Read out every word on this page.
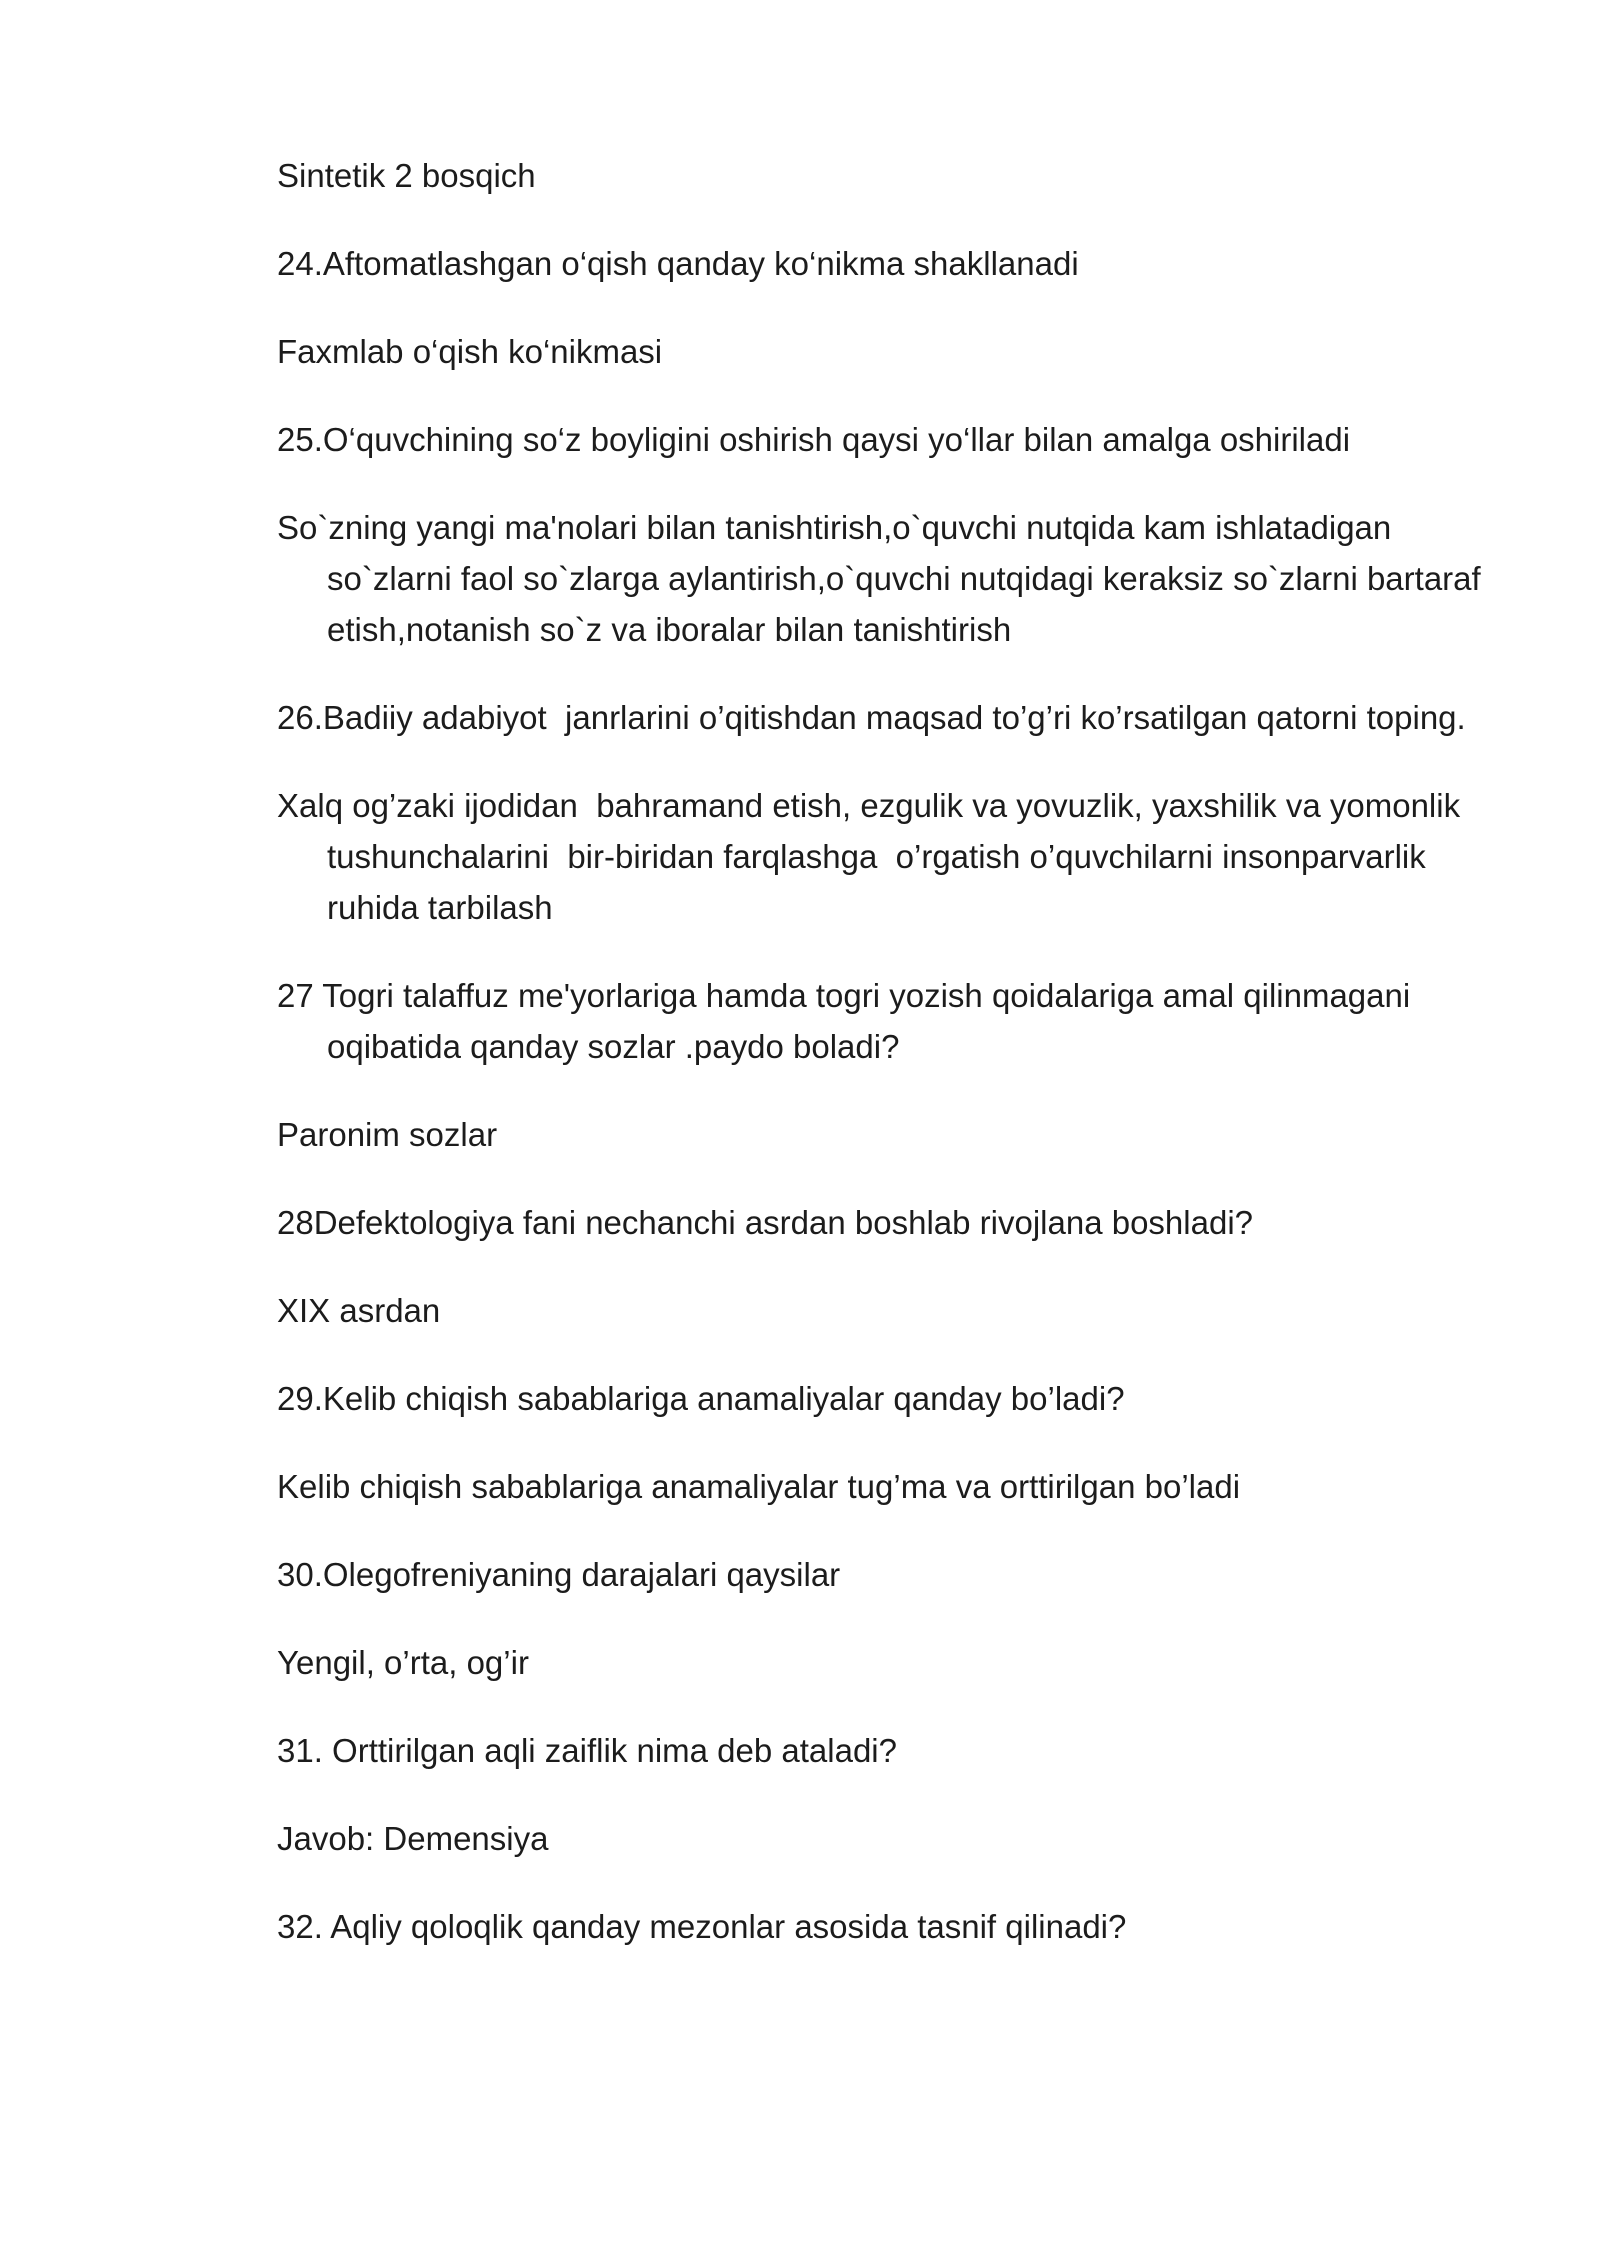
Sintetik 2 bosqich

24.Aftomatlashgan o‘qish qanday ko‘nikma shakllanadi

Faxmlab o‘qish ko‘nikmasi

25.O‘quvchining so‘z boyligini oshirish qaysi yo‘llar bilan amalga oshiriladi

So`zning yangi ma'nolari bilan tanishtirish,o`quvchi nutqida kam ishlatadigan so`zlarni faol so`zlarga aylantirish,o`quvchi nutqidagi keraksiz so`zlarni bartaraf etish,notanish so`z va iboralar bilan tanishtirish

26.Badiiy adabiyot  janrlarini o’qitishdan maqsad to’g’ri ko’rsatilgan qatorni toping.

Xalq og’zaki ijodidan  bahramand etish, ezgulik va yovuzlik, yaxshilik va yomonlik tushunchalarini  bir-biridan farqlashga  o’rgatish o’quvchilarni insonparvarlik ruhida tarbilash

27 Togri talaffuz me'yorlariga hamda togri yozish qoidalariga amal qilinmagani oqibatida qanday sozlar .paydo boladi?

Paronim sozlar

28Defektologiya fani nechanchi asrdan boshlab rivojlana boshladi?

XIX asrdan

29.Kelib chiqish sabablariga anamaliyalar qanday bo’ladi?

Kelib chiqish sabablariga anamaliyalar tug’ma va orttirilgan bo’ladi

30.Olegofreniyaning darajalari qaysilar

Yengil, o’rta, og’ir

31. Orttirilgan aqli zaiflik nima deb ataladi?

Javob: Demensiya

32. Aqliy qoloqlik qanday mezonlar asosida tasnif qilinadi?
